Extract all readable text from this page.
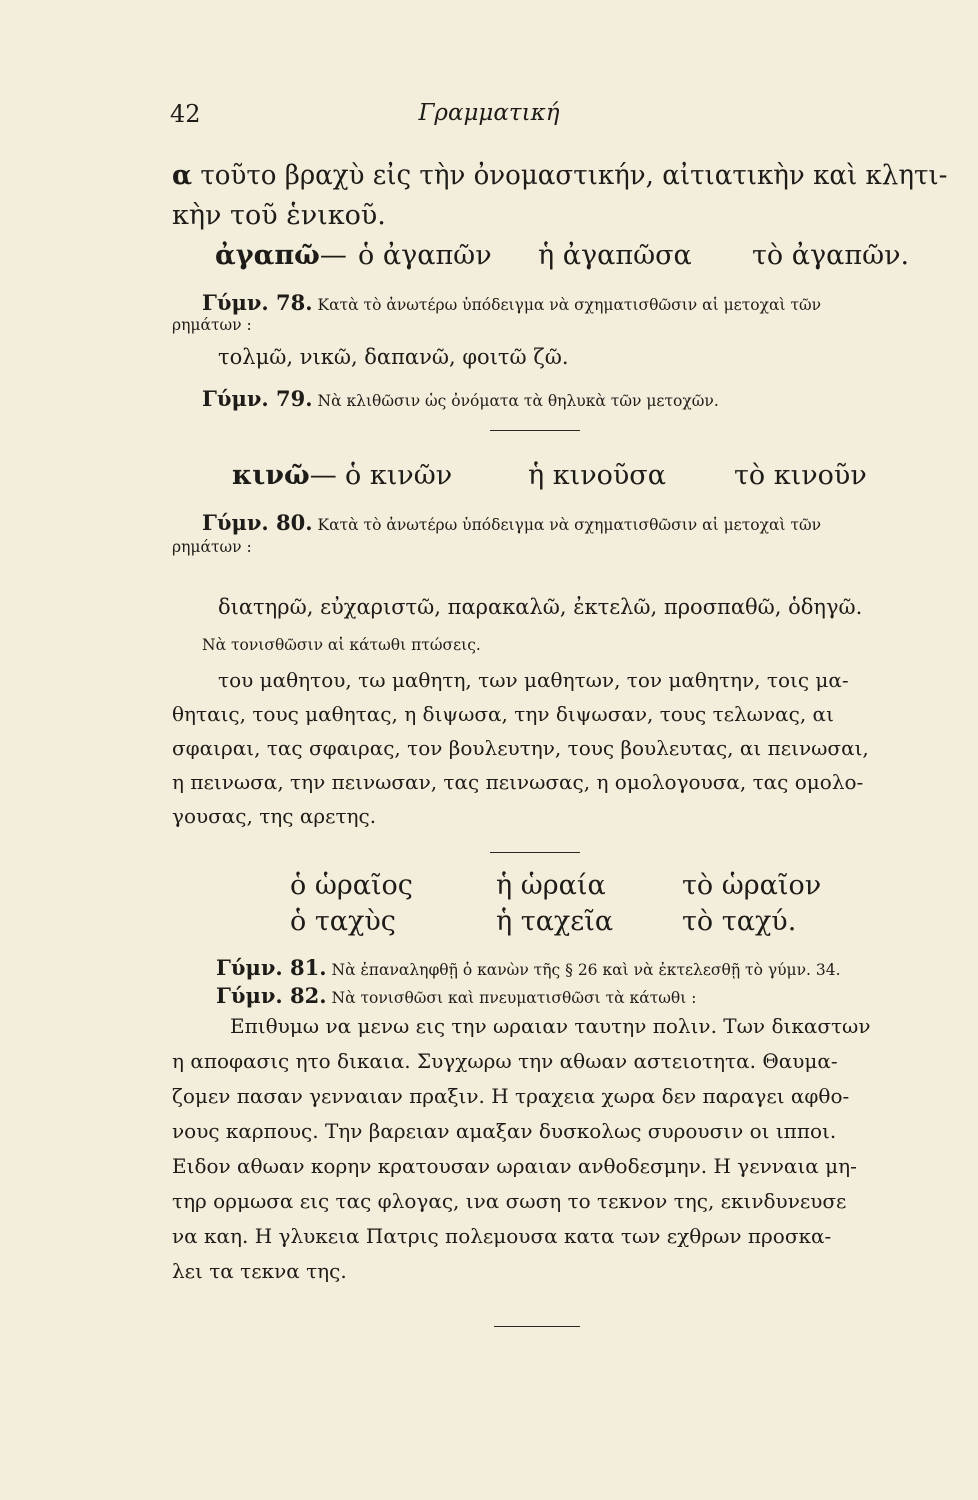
42	Γραμματική
α τοῦτο βραχὺ εἰς τὴν ὀνομαστικήν, αἰτιατικὴν καὶ κλητι-
κὴν τοῦ ἑνικοῦ.
ἀγαπῶ— ὁ ἀγαπῶν ἡ ἀγαπῶσα τὸ ἀγαπῶν.
Γύμν. 78. Κατὰ τὸ ἀνωτέρω ὑπόδειγμα νὰ σχηματισθῶσιν αἱ μετοχαὶ τῶν
ρημάτων :
τολμῶ, νικῶ, δαπανῶ, φοιτῶ ζῶ.
Γύμν. 79. Νὰ κλιθῶσιν ὡς ὀνόματα τὰ θηλυκὰ τῶν μετοχῶν.
κινῶ— ὁ κινῶν	ἡ κινοῦσα	τὸ κινοῦν
Γύμν. 80. Κατὰ τὸ ἀνωτέρω ὑπόδειγμα νὰ σχηματισθῶσιν αἱ μετοχαὶ τῶν
ρημάτων :
διατηρῶ, εὐχαριστῶ, παρακαλῶ, ἐκτελῶ, προσπαθῶ, ὁδηγῶ.
Νὰ τονισθῶσιν αἱ κάτωθι πτώσεις.
του μαθητου, τω μαθητη, των μαθητων, τον μαθητην, τοις μα-
θηταις, τους μαθητας, η διψωσα, την διψωσαν, τους τελωνας, αι
σφαιραι, τας σφαιρας, τον βουλευτην, τους βουλευτας, αι πεινωσαι,
η πεινωσα, την πεινωσαν, τας πεινωσας, η ομολογουσα, τας ομολο-
γουσας, της αρετης.
ὁ ὡραῖος	ἡ ὡραία	τὸ ὡραῖον
ὁ ταχὺς	ἡ ταχεῖα	τὸ ταχύ.
Γύμν. 81. Νὰ ἐπαναληφθῇ ὁ κανὼν τῆς § 26 καὶ νὰ ἐκτελεσθῇ τὸ γύμν. 34.
Γύμν. 82. Νὰ τονισθῶσι καὶ πνευματισθῶσι τὰ κάτωθι :
Επιθυμω να μενω εις την ωραιαν ταυτην πολιν. Των δικαστων
η αποφασις ητο δικαια. Συγχωρω την αθωαν αστειοτητα. Θαυμα-
ζομεν πασαν γενναιαν πραξιν. Η τραχεια χωρα δεν παραγει αφθο-
νους καρπους. Την βαρειαν αμαξαν δυσκολως συρουσιν οι ιπποι.
Ειδον αθωαν κορην κρατουσαν ωραιαν ανθοδεσμην. Η γενναια μη-
τηρ ορμωσα εις τας φλογας, ινα σωση το τεκνον της, εκινδυνευσε
να καη. Η γλυκεια Πατρις πολεμουσα κατα των εχθρων προσκα-
λει τα τεκνα της.
